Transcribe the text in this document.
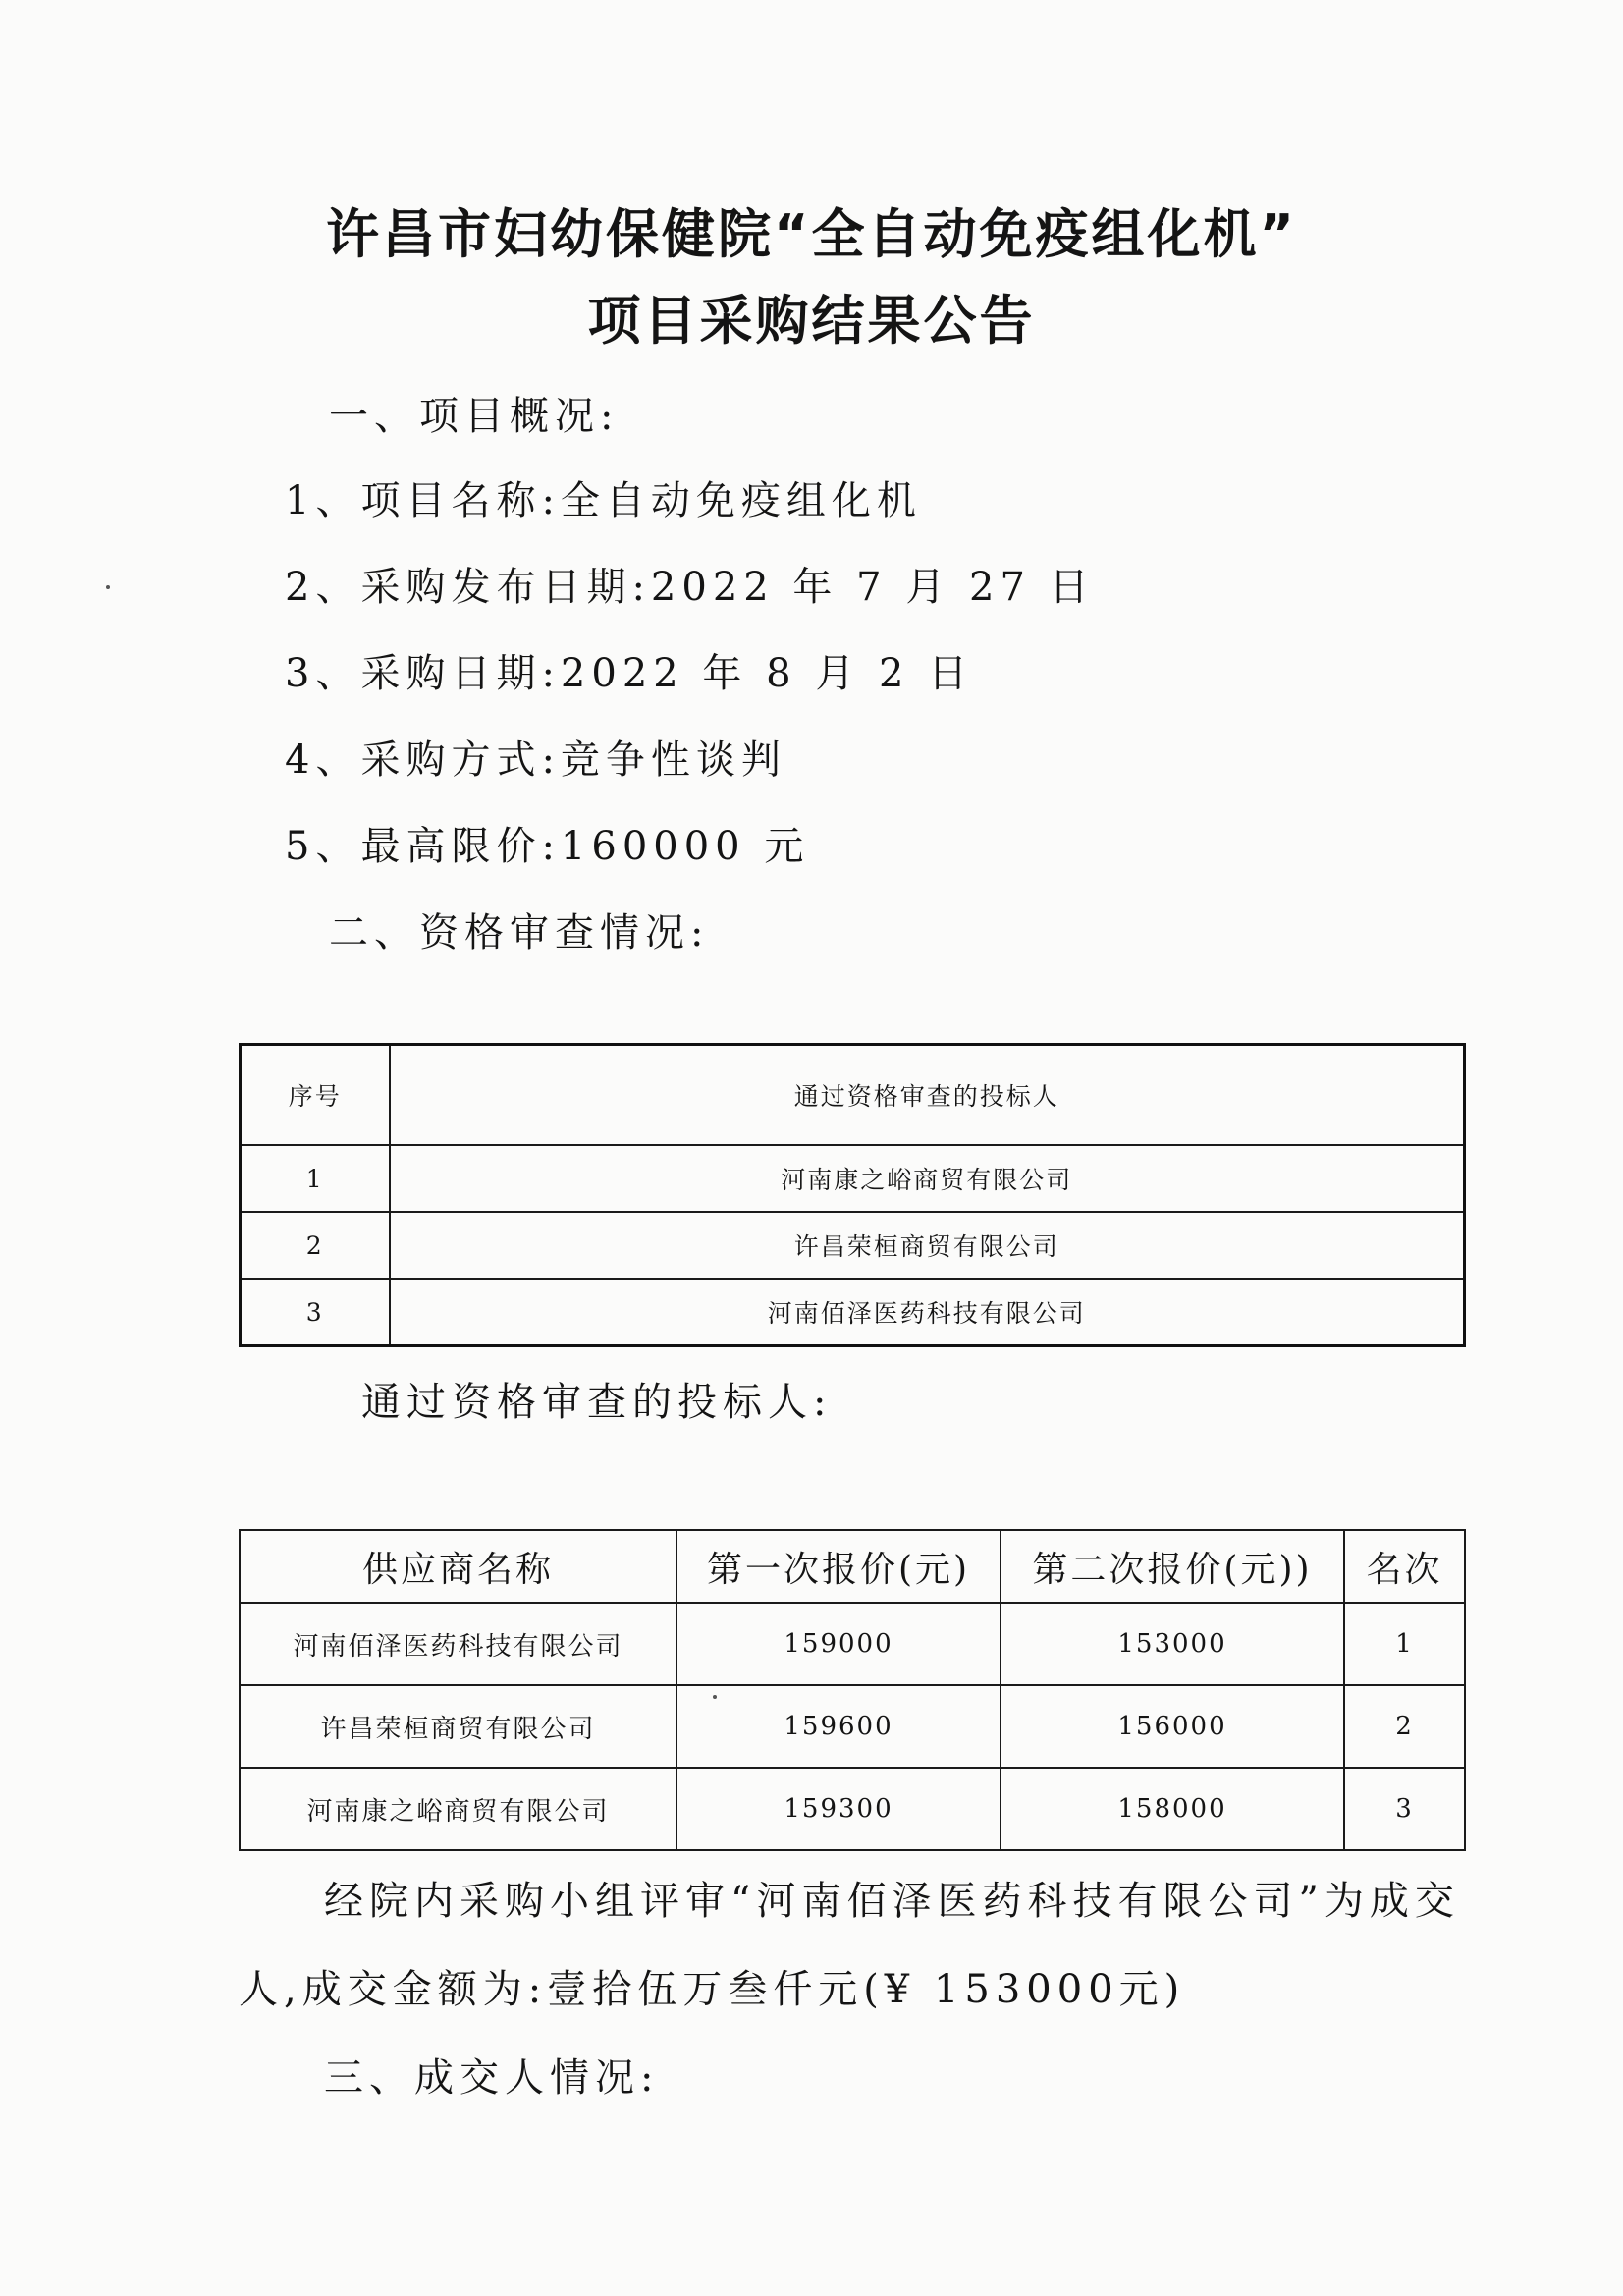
许昌市妇幼保健院“全自动免疫组化机”
项目采购结果公告
一、项目概况:
1、项目名称:全自动免疫组化机
2、采购发布日期:2022 年 7 月 27 日
3、采购日期:2022 年 8 月 2 日
4、采购方式:竞争性谈判
5、最高限价:160000 元
二、资格审查情况:
序号	通过资格审查的投标人
1	河南康之峪商贸有限公司
2	许昌荣桓商贸有限公司
3	河南佰泽医药科技有限公司
通过资格审查的投标人:
供应商名称	第一次报价(元)	第二次报价(元))	名次
河南佰泽医药科技有限公司	159000	153000	1
许昌荣桓商贸有限公司	159600	156000	2
河南康之峪商贸有限公司	159300	158000	3
经院内采购小组评审“河南佰泽医药科技有限公司”为成交
人,成交金额为:壹拾伍万叁仟元(¥ 153000元)
三、成交人情况:
